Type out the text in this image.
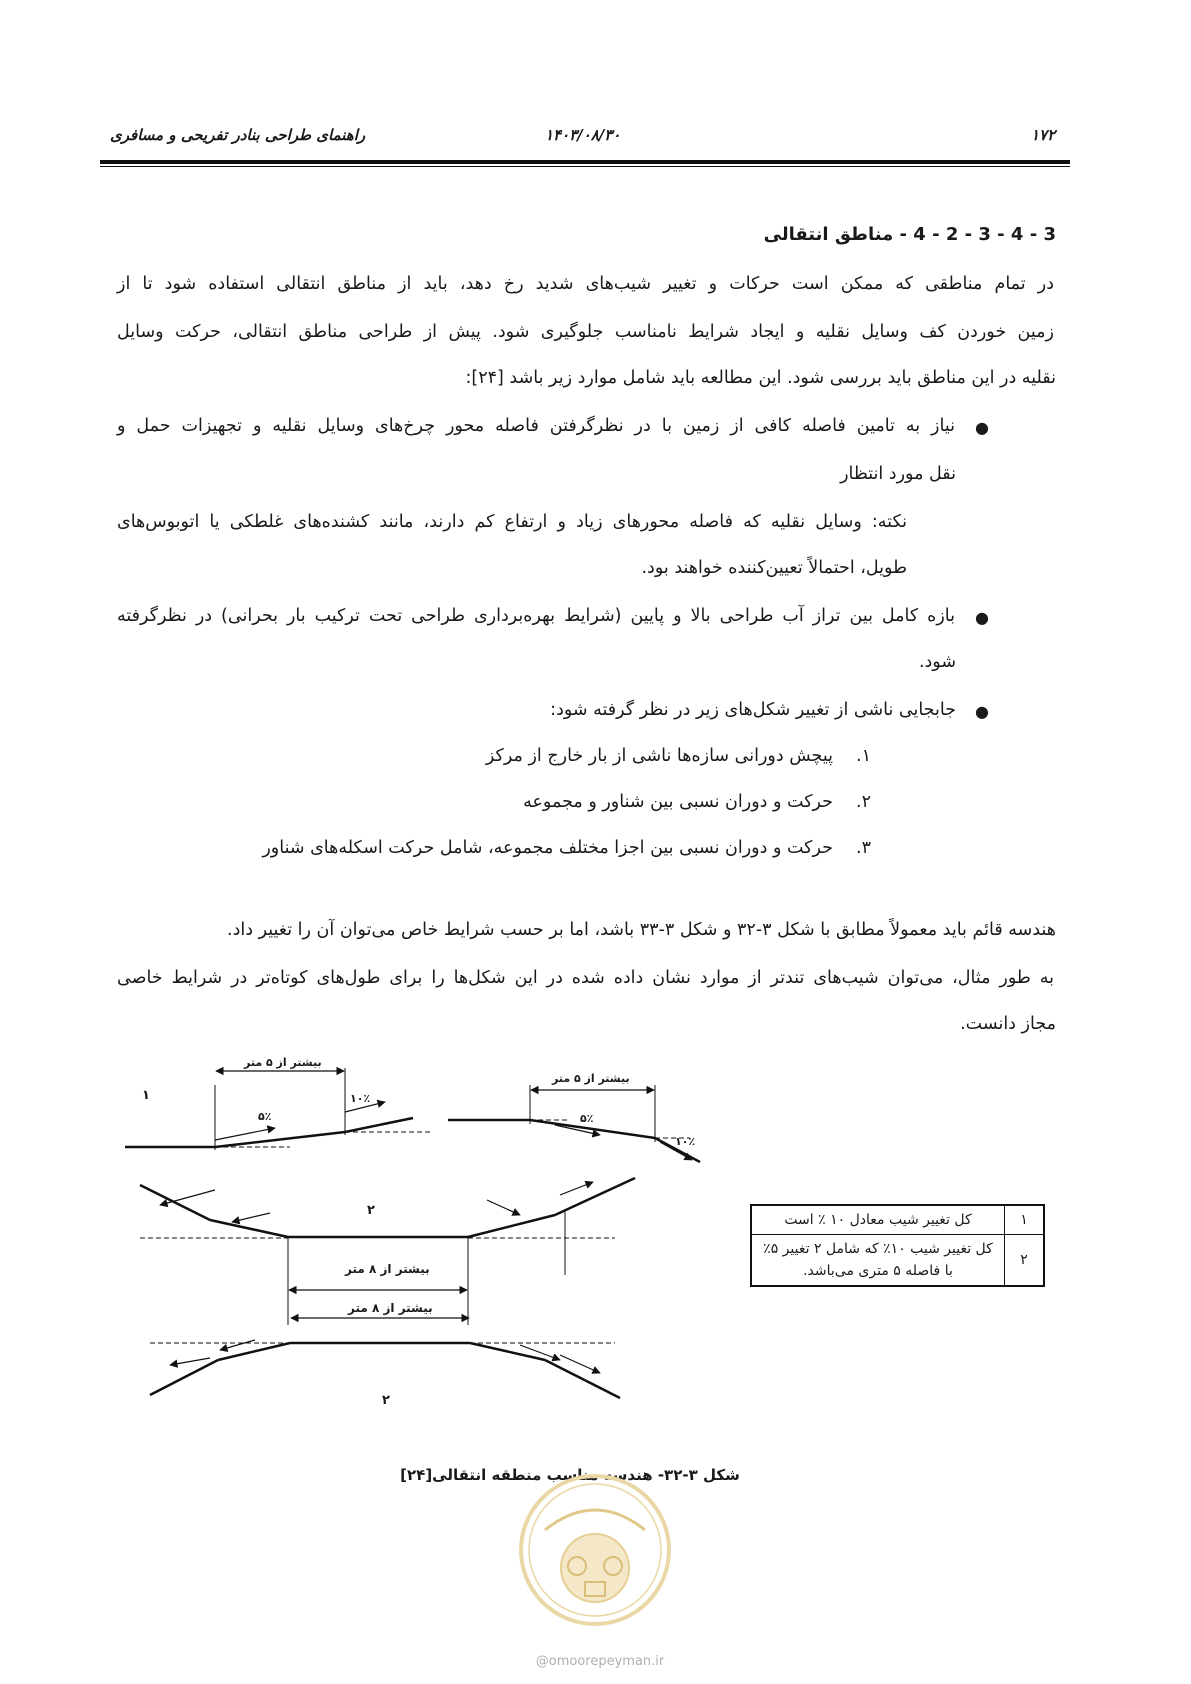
۱۷۲
۱۴۰۳/۰۸/۳۰
راهنمای طراحی بنادر تفریحی و مسافری
3 - 4 - 3 - 2 - 4 - مناطق انتقالی
در تمام مناطقی که ممکن است حرکات و تغییر شیب‌های شدید رخ دهد، باید از مناطق انتقالی استفاده شود تا از
زمین خوردن کف وسایل نقلیه و ایجاد شرایط نامناسب جلوگیری شود. پیش از طراحی مناطق انتقالی، حرکت وسایل
نقلیه در این مناطق باید بررسی شود. این مطالعه باید شامل موارد زیر باشد [۲۴]:
●
نیاز به تامین فاصله کافی از زمین با در نظرگرفتن فاصله محور چرخ‌های وسایل نقلیه و تجهیزات حمل و
نقل مورد انتظار
نکته: وسایل نقلیه که فاصله محورهای زیاد و ارتفاع کم دارند، مانند کشنده‌های غلطکی یا اتوبوس‌های
طویل، احتمالاً تعیین‌کننده خواهند بود.
●
بازه کامل بین تراز آب طراحی بالا و پایین (شرایط بهره‌برداری طراحی تحت ترکیب بار بحرانی) در نظرگرفته
شود.
●
جابجایی ناشی از تغییر شکل‌های زیر در نظر گرفته شود:
۱.
پیچش دورانی سازه‌ها ناشی از بار خارج از مرکز
۲.
حرکت و دوران نسبی بین شناور و مجموعه
۳.
حرکت و دوران نسبی بین اجزا مختلف مجموعه، شامل حرکت اسکله‌های شناور
هندسه قائم باید معمولاً مطابق با شکل ۳-۳۲ و شکل ۳-۳۳ باشد، اما بر حسب شرایط خاص می‌توان آن را تغییر داد.
به طور مثال، می‌توان شیب‌های تندتر از موارد نشان داده شده در این شکل‌ها را برای طول‌های کوتاه‌تر در شرایط خاصی
مجاز دانست.
بیشتر از ۵ متر
بیشتر از ۵ متر
۵٪
۱۰٪
۵٪
۱۰٪
۱
۲
بیشتر از ۸ متر
بیشتر از ۸ متر
۲
۱	کل تغییر شیب معادل ۱۰ ٪ است
۲	کل تغییر شیب ۱۰٪ که شامل ۲ تغییر ۵٪ با فاصله ۵ متری می‌باشد.
شکل ۳-۳۲- هندسه مناسب منطقه انتقالی[۲۴]
@omoorepeyman.ir
